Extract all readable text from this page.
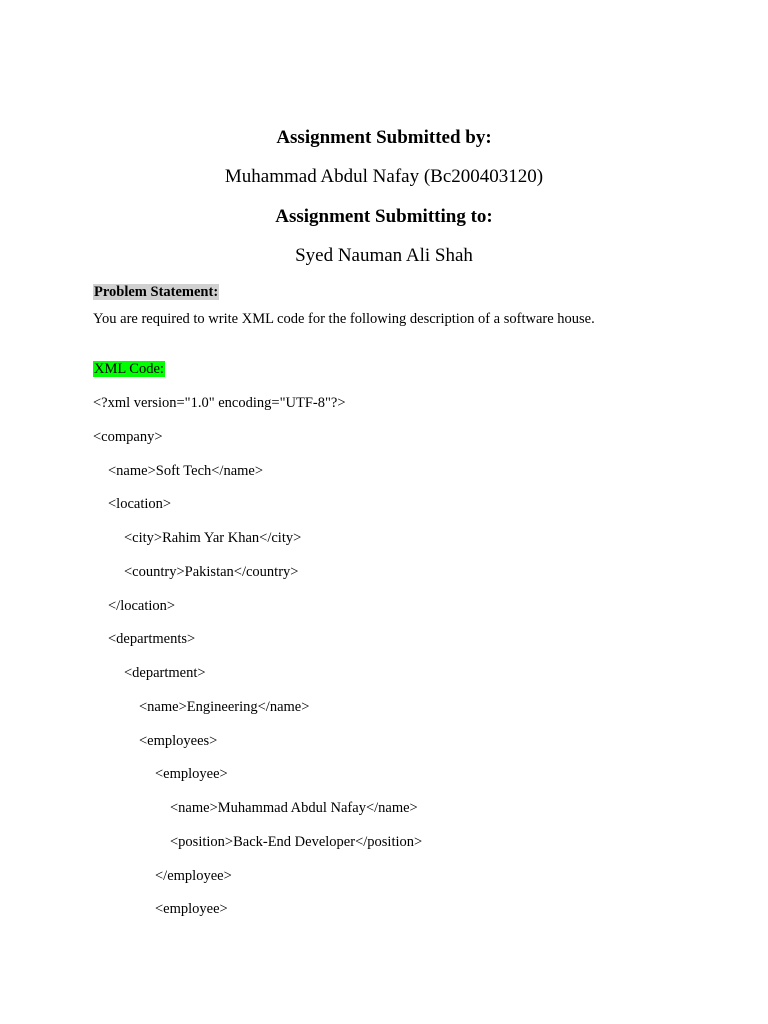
Assignment Submitted by:
Muhammad Abdul Nafay (Bc200403120)
Assignment Submitting to:
Syed Nauman Ali Shah
Problem Statement:
You are required to write XML code for the following description of a software house.
XML Code:
<?xml version="1.0" encoding="UTF-8"?>
<company>
<name>Soft Tech</name>
<location>
<city>Rahim Yar Khan</city>
<country>Pakistan</country>
</location>
<departments>
<department>
<name>Engineering</name>
<employees>
<employee>
<name>Muhammad Abdul Nafay</name>
<position>Back-End Developer</position>
</employee>
<employee>
